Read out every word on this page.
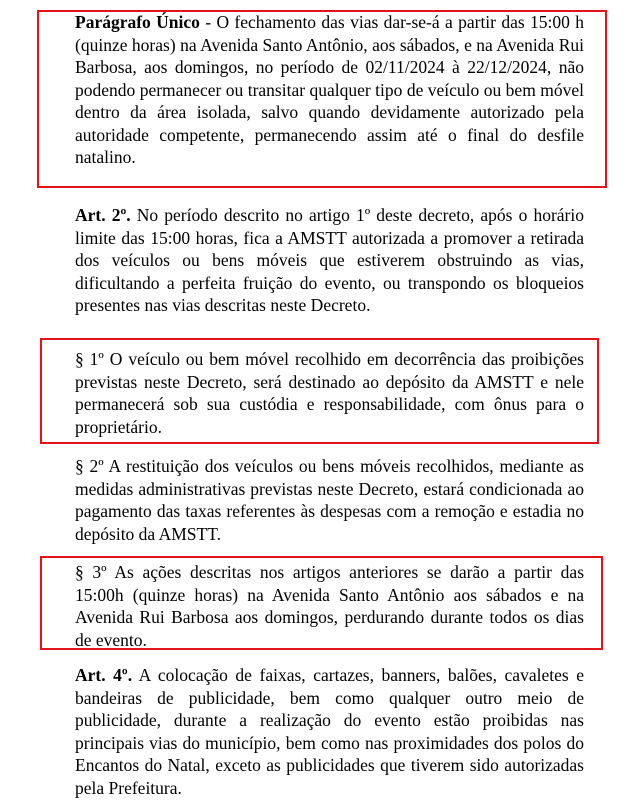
Parágrafo Único - O fechamento das vias dar-se-á a partir das 15:00 h (quinze horas) na Avenida Santo Antônio, aos sábados, e na Avenida Rui Barbosa, aos domingos, no período de 02/11/2024 à 22/12/2024, não podendo permanecer ou transitar qualquer tipo de veículo ou bem móvel dentro da área isolada, salvo quando devidamente autorizado pela autoridade competente, permanecendo assim até o final do desfile natalino.

Art. 2º. No período descrito no artigo 1º deste decreto, após o horário limite das 15:00 horas, fica a AMSTT autorizada a promover a retirada dos veículos ou bens móveis que estiverem obstruindo as vias, dificultando a perfeita fruição do evento, ou transpondo os bloqueios presentes nas vias descritas neste Decreto.

§ 1º O veículo ou bem móvel recolhido em decorrência das proibições previstas neste Decreto, será destinado ao depósito da AMSTT e nele permanecerá sob sua custódia e responsabilidade, com ônus para o proprietário.

§ 2º A restituição dos veículos ou bens móveis recolhidos, mediante as medidas administrativas previstas neste Decreto, estará condicionada ao pagamento das taxas referentes às despesas com a remoção e estadia no depósito da AMSTT.

§ 3º As ações descritas nos artigos anteriores se darão a partir das 15:00h (quinze horas) na Avenida Santo Antônio aos sábados e na Avenida Rui Barbosa aos domingos, perdurando durante todos os dias de evento.

Art. 4º. A colocação de faixas, cartazes, banners, balões, cavaletes e bandeiras de publicidade, bem como qualquer outro meio de publicidade, durante a realização do evento estão proibidas nas principais vias do município, bem como nas proximidades dos polos do Encantos do Natal, exceto as publicidades que tiverem sido autorizadas pela Prefeitura.
